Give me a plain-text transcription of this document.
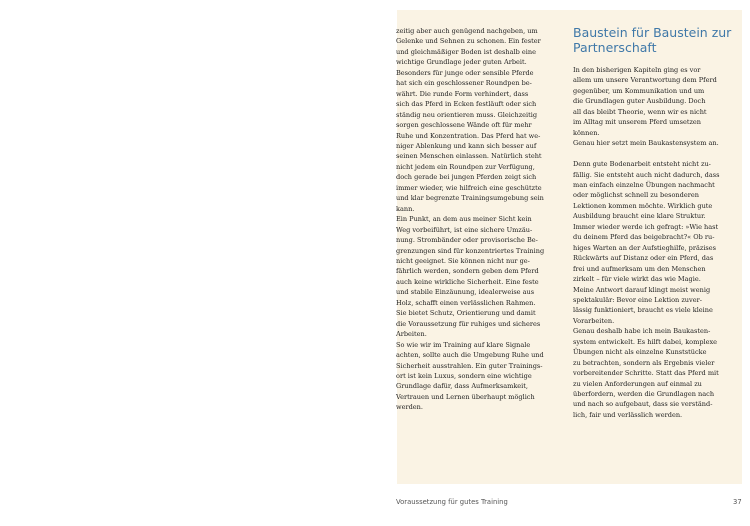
zeitig aber auch genügend nachgeben, um

Gelenke und Sehnen zu schonen. Ein fester

und gleichmäßiger Boden ist deshalb eine

wichtige Grundlage jeder guten Arbeit.

Besonders für junge oder sensible Pferde

hat sich ein geschlossener Roundpen be-

währt. Die runde Form verhindert, dass

sich das Pferd in Ecken festläuft oder sich

ständig neu orientieren muss. Gleichzeitig

sorgen geschlossene Wände oft für mehr

Ruhe und Konzentration. Das Pferd hat we-

niger Ablenkung und kann sich besser auf

seinen Menschen einlassen. Natürlich steht

nicht jedem ein Roundpen zur Verfügung,

doch gerade bei jungen Pferden zeigt sich

immer wieder, wie hilfreich eine geschützte

und klar begrenzte Trainingsumgebung sein

kann.

Ein Punkt, an dem aus meiner Sicht kein

Weg vorbeiführt, ist eine sichere Umzäu-

nung. Strombänder oder provisorische Be-

grenzungen sind für konzentriertes Training

nicht geeignet. Sie können nicht nur ge-

fährlich werden, sondern geben dem Pferd

auch keine wirkliche Sicherheit. Eine feste

und stabile Einzäunung, idealerweise aus

Holz, schafft einen verlässlichen Rahmen.

Sie bietet Schutz, Orientierung und damit

die Voraussetzung für ruhiges und sicheres

Arbeiten.

So wie wir im Training auf klare Signale

achten, sollte auch die Umgebung Ruhe und

Sicherheit ausstrahlen. Ein guter Trainings-

ort ist kein Luxus, sondern eine wichtige

Grundlage dafür, dass Aufmerksamkeit,

Vertrauen und Lernen überhaupt möglich

werden.

Baustein für Baustein zur Partnerschaft

In den bisherigen Kapiteln ging es vor

allem um unsere Verantwortung dem Pferd

gegenüber, um Kommunikation und um

die Grundlagen guter Ausbildung. Doch

all das bleibt Theorie, wenn wir es nicht

im Alltag mit unserem Pferd umsetzen

können.

Genau hier setzt mein Baukastensystem an.

Denn gute Bodenarbeit entsteht nicht zu-

fällig. Sie entsteht auch nicht dadurch, dass

man einfach einzelne Übungen nachmacht

oder möglichst schnell zu besonderen

Lektionen kommen möchte. Wirklich gute

Ausbildung braucht eine klare Struktur.

Immer wieder werde ich gefragt: »Wie hast

du deinem Pferd das beigebracht?« Ob ru-

higes Warten an der Aufstieghilfe, präzises

Rückwärts auf Distanz oder ein Pferd, das

frei und aufmerksam um den Menschen

zirkelt – für viele wirkt das wie Magie.

Meine Antwort darauf klingt meist wenig

spektakulär: Bevor eine Lektion zuver-

lässig funktioniert, braucht es viele kleine

Vorarbeiten.

Genau deshalb habe ich mein Baukasten-

system entwickelt. Es hilft dabei, komplexe

Übungen nicht als einzelne Kunststücke

zu betrachten, sondern als Ergebnis vieler

vorbereitender Schritte. Statt das Pferd mit

zu vielen Anforderungen auf einmal zu

überfordern, werden die Grundlagen nach

und nach so aufgebaut, dass sie verständ-

lich, fair und verlässlich werden.

Voraussetzung für gutes Training	37
